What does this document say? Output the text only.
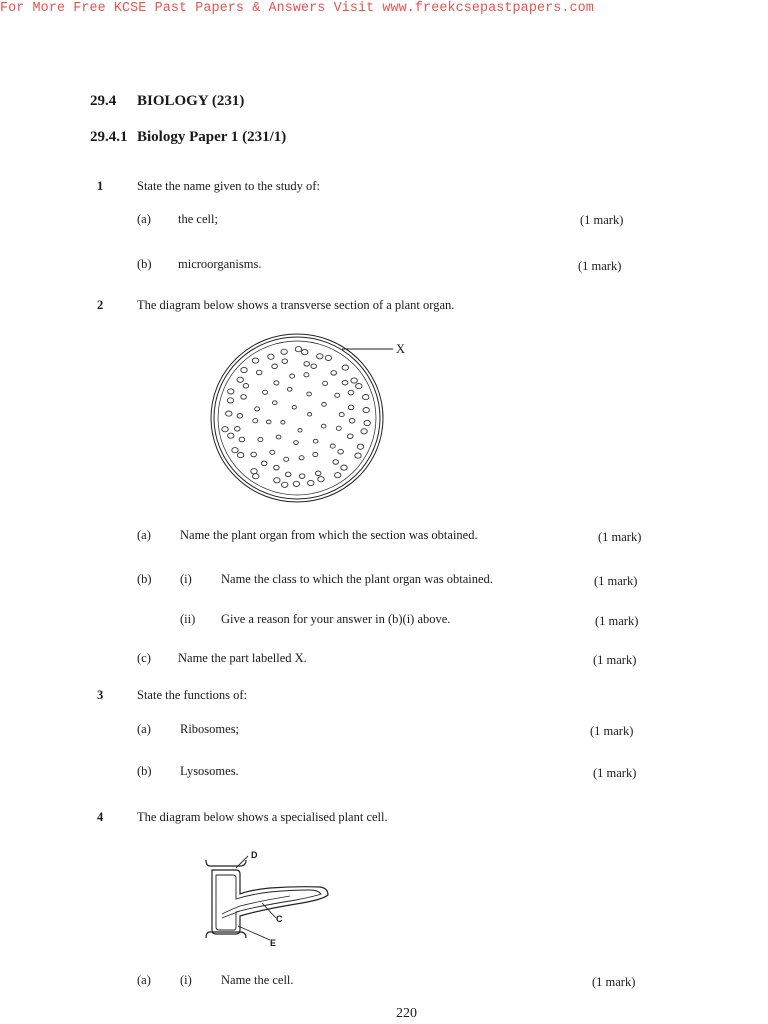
For More Free KCSE Past Papers & Answers Visit www.freekcsepastpapers.com
29.4 BIOLOGY (231)
29.4.1 Biology Paper 1 (231/1)
1	State the name given to the study of:
(a) the cell;	(1 mark)
(b) microorganisms.	(1 mark)
2	The diagram below shows a transverse section of a plant organ.
X
(a) Name the plant organ from which the section was obtained.	(1 mark)
(b) (i) Name the class to which the plant organ was obtained.	(1 mark)
(ii) Give a reason for your answer in (b)(i) above.	(1 mark)
(c) Name the part labelled X.	(1 mark)
3	State the functions of:
(a) Ribosomes;	(1 mark)
(b) Lysosomes.	(1 mark)
4	The diagram below shows a specialised plant cell.
D
C
E
(a) (i) Name the cell.	(1 mark)
220
